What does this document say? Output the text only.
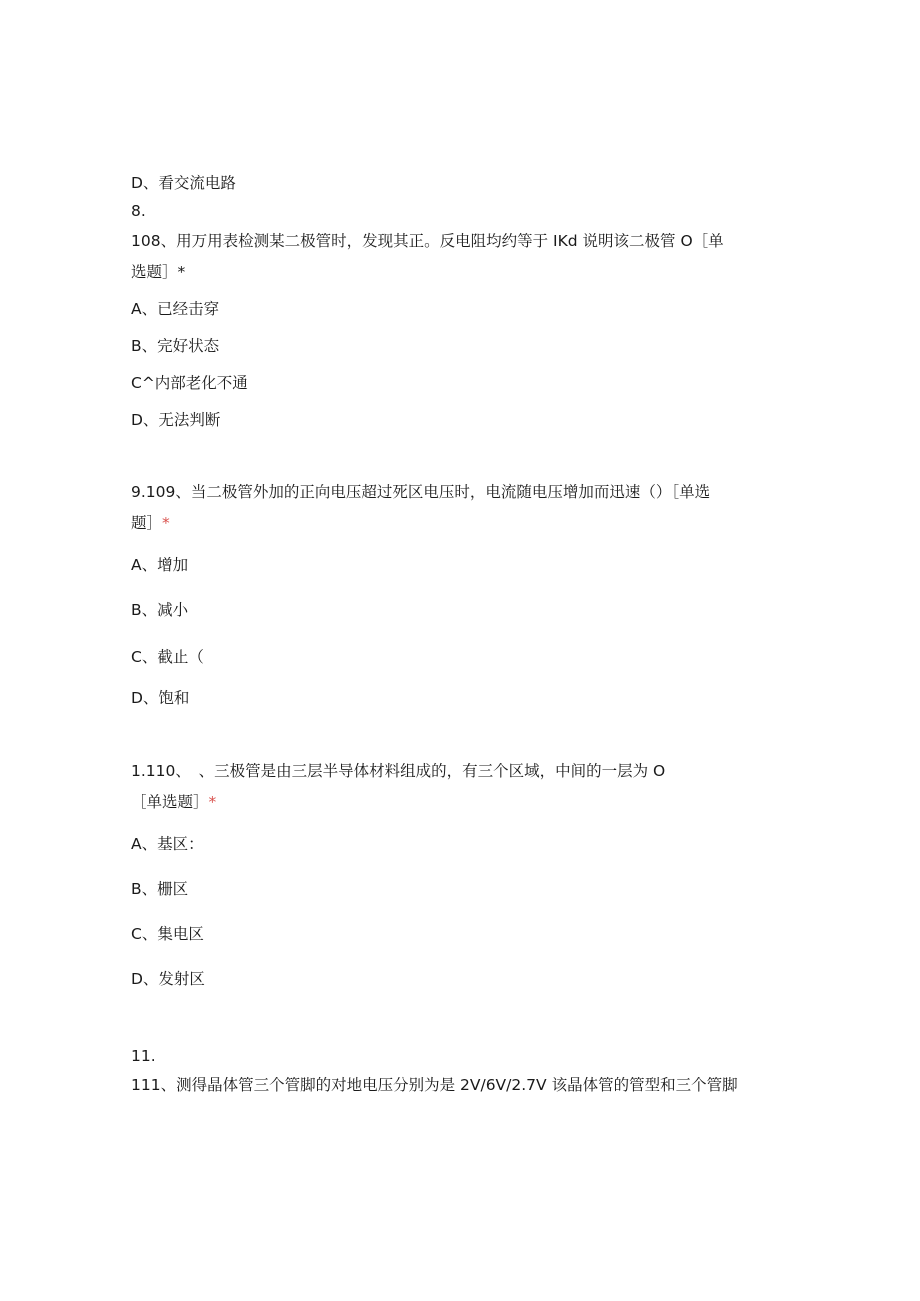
D、看交流电路
8.
108、用万用表检测某二极管时，发现其正。反电阻均约等于 IKd 说明该二极管 O［单
选题］*
A、已经击穿
B、完好状态
C^内部老化不通
D、无法判断
9.109、当二极管外加的正向电压超过死区电压时，电流随电压增加而迅速（）［单选
题］*
A、增加
B、减小
C、截止（
D、饱和
1.110、　、三极管是由三层半导体材料组成的，有三个区域，中间的一层为 O
［单选题］*
A、基区：
B、栅区
C、集电区
D、发射区
11.
111、测得晶体管三个管脚的对地电压分别为是 2V/6V/2.7V 该晶体管的管型和三个管脚
